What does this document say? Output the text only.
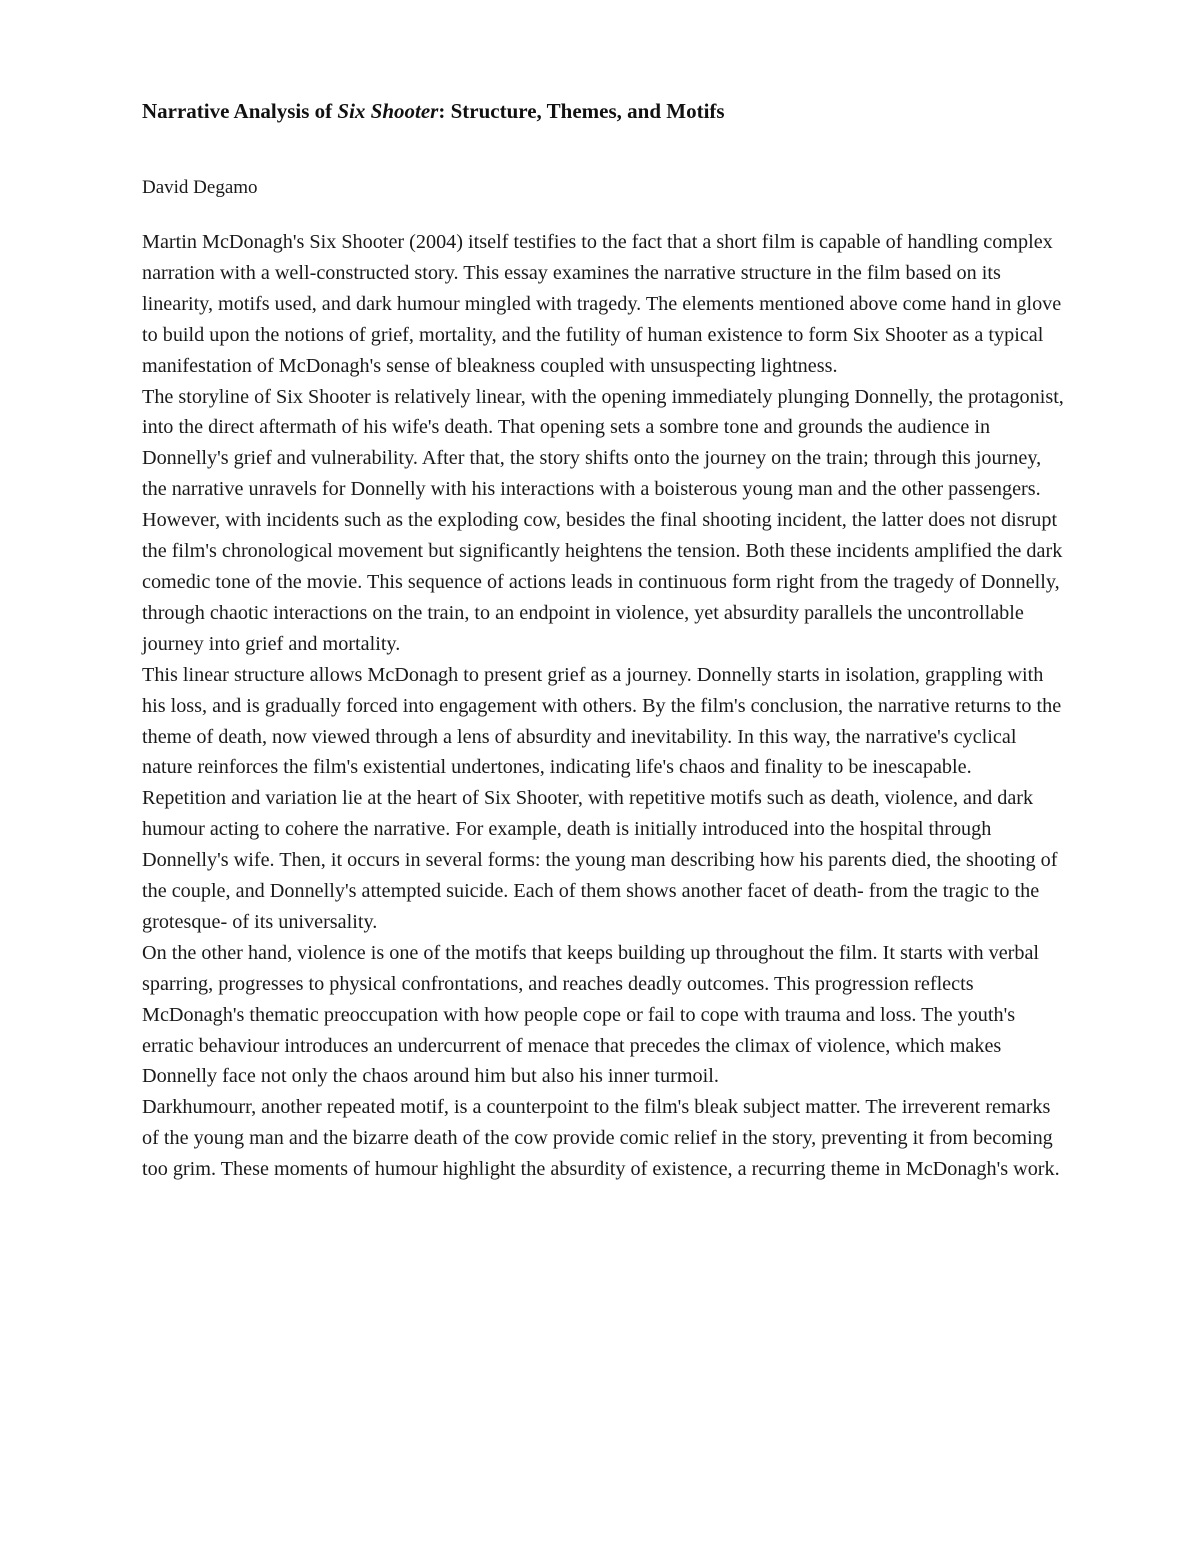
Narrative Analysis of Six Shooter: Structure, Themes, and Motifs
David Degamo

Martin McDonagh's Six Shooter (2004) itself testifies to the fact that a short film is capable of handling complex narration with a well-constructed story. This essay examines the narrative structure in the film based on its linearity, motifs used, and dark humour mingled with tragedy. The elements mentioned above come hand in glove to build upon the notions of grief, mortality, and the futility of human existence to form Six Shooter as a typical manifestation of McDonagh's sense of bleakness coupled with unsuspecting lightness.

The storyline of Six Shooter is relatively linear, with the opening immediately plunging Donnelly, the protagonist, into the direct aftermath of his wife's death. That opening sets a sombre tone and grounds the audience in Donnelly's grief and vulnerability. After that, the story shifts onto the journey on the train; through this journey, the narrative unravels for Donnelly with his interactions with a boisterous young man and the other passengers.

However, with incidents such as the exploding cow, besides the final shooting incident, the latter does not disrupt the film's chronological movement but significantly heightens the tension. Both these incidents amplified the dark comedic tone of the movie. This sequence of actions leads in continuous form right from the tragedy of Donnelly, through chaotic interactions on the train, to an endpoint in violence, yet absurdity parallels the uncontrollable journey into grief and mortality.

This linear structure allows McDonagh to present grief as a journey. Donnelly starts in isolation, grappling with his loss, and is gradually forced into engagement with others. By the film's conclusion, the narrative returns to the theme of death, now viewed through a lens of absurdity and inevitability. In this way, the narrative's cyclical nature reinforces the film's existential undertones, indicating life's chaos and finality to be inescapable.

Repetition and variation lie at the heart of Six Shooter, with repetitive motifs such as death, violence, and dark humour acting to cohere the narrative. For example, death is initially introduced into the hospital through Donnelly's wife. Then, it occurs in several forms: the young man describing how his parents died, the shooting of the couple, and Donnelly's attempted suicide. Each of them shows another facet of death- from the tragic to the grotesque- of its universality.

On the other hand, violence is one of the motifs that keeps building up throughout the film. It starts with verbal sparring, progresses to physical confrontations, and reaches deadly outcomes. This progression reflects McDonagh's thematic preoccupation with how people cope or fail to cope with trauma and loss. The youth's erratic behaviour introduces an undercurrent of menace that precedes the climax of violence, which makes Donnelly face not only the chaos around him but also his inner turmoil.

Darkhumourr, another repeated motif, is a counterpoint to the film's bleak subject matter. The irreverent remarks of the young man and the bizarre death of the cow provide comic relief in the story, preventing it from becoming too grim. These moments of humour highlight the absurdity of existence, a recurring theme in McDonagh's work.
